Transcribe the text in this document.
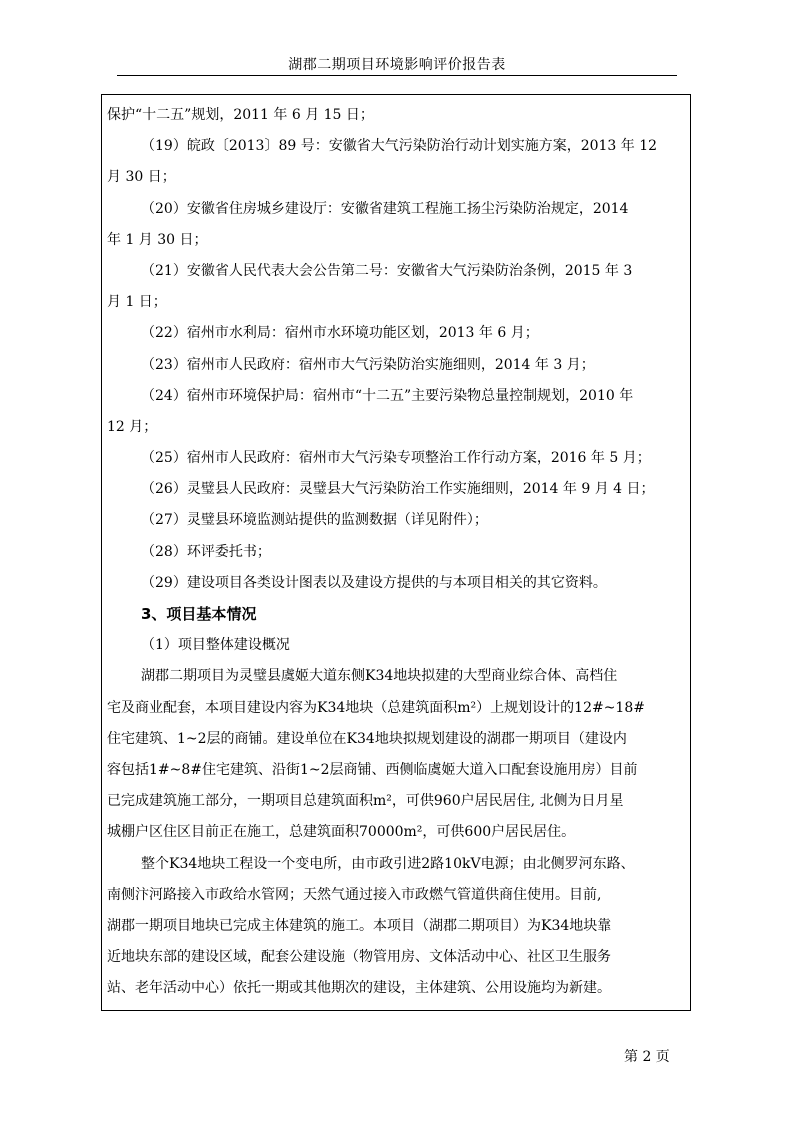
湖郡二期项目环境影响评价报告表
保护“十二五”规划，2011 年 6 月 15 日；
（19）皖政〔2013〕89 号：安徽省大气污染防治行动计划实施方案，2013 年 12
月 30 日；
（20）安徽省住房城乡建设厅：安徽省建筑工程施工扬尘污染防治规定，2014
年 1 月 30 日；
（21）安徽省人民代表大会公告第二号：安徽省大气污染防治条例，2015 年 3
月 1 日；
（22）宿州市水利局：宿州市水环境功能区划，2013 年 6 月；
（23）宿州市人民政府：宿州市大气污染防治实施细则，2014 年 3 月；
（24）宿州市环境保护局：宿州市“十二五”主要污染物总量控制规划，2010 年
12 月；
（25）宿州市人民政府：宿州市大气污染专项整治工作行动方案，2016 年 5 月；
（26）灵璧县人民政府：灵璧县大气污染防治工作实施细则，2014 年 9 月 4 日；
（27）灵璧县环境监测站提供的监测数据（详见附件）；
（28）环评委托书；
（29）建设项目各类设计图表以及建设方提供的与本项目相关的其它资料。
3、项目基本情况
（1）项目整体建设概况
湖郡二期项目为灵璧县虞姬大道东侧K34地块拟建的大型商业综合体、高档住
宅及商业配套，本项目建设内容为K34地块（总建筑面积m²）上规划设计的12#~18#
住宅建筑、1~2层的商铺。建设单位在K34地块拟规划建设的湖郡一期项目（建设内
容包括1#~8#住宅建筑、沿街1~2层商铺、西侧临虞姬大道入口配套设施用房）目前
已完成建筑施工部分，一期项目总建筑面积m²，可供960户居民居住, 北侧为日月星
城棚户区住区目前正在施工，总建筑面积70000m²，可供600户居民居住。
整个K34地块工程设一个变电所，由市政引进2路10kV电源；由北侧罗河东路、
南侧汴河路接入市政给水管网；天然气通过接入市政燃气管道供商住使用。目前,
湖郡一期项目地块已完成主体建筑的施工。本项目（湖郡二期项目）为K34地块靠
近地块东部的建设区域，配套公建设施（物管用房、文体活动中心、社区卫生服务
站、老年活动中心）依托一期或其他期次的建设，主体建筑、公用设施均为新建。
第 2 页
